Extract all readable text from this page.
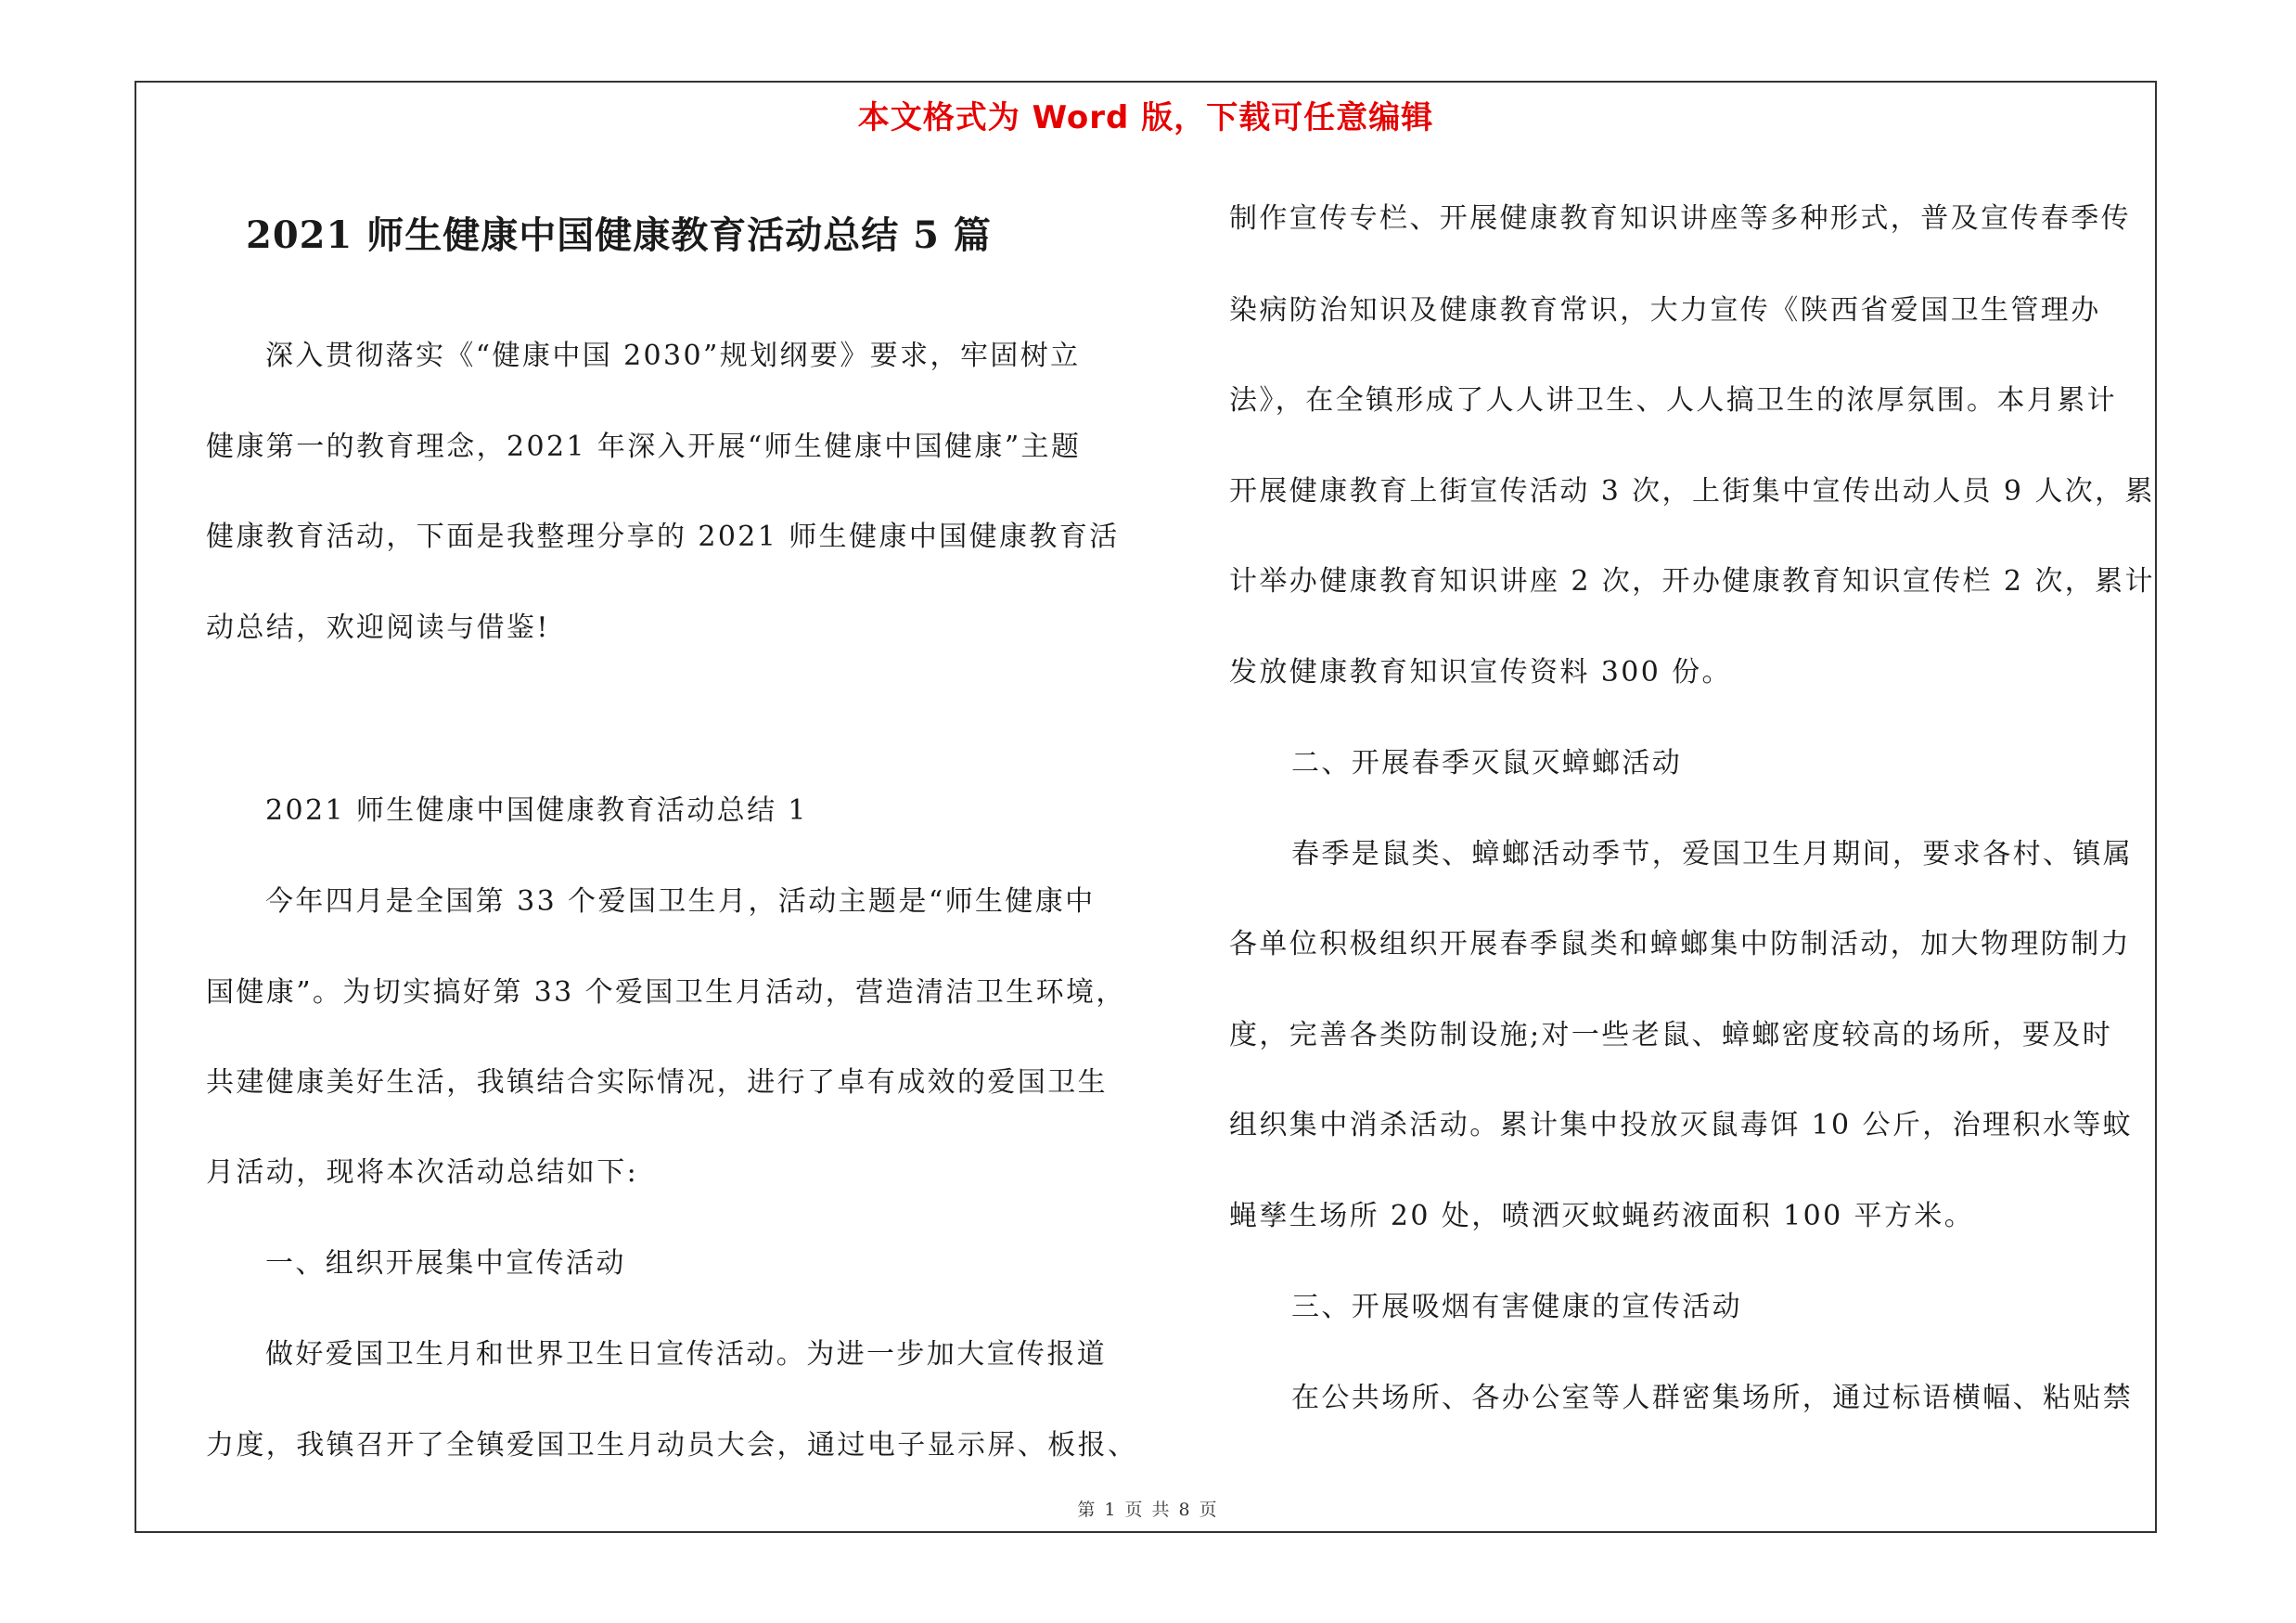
本文格式为 Word 版，下载可任意编辑
2021 师生健康中国健康教育活动总结 5 篇
深入贯彻落实《“健康中国 2030”规划纲要》要求，牢固树立
健康第一的教育理念，2021 年深入开展“师生健康中国健康”主题
健康教育活动，下面是我整理分享的 2021 师生健康中国健康教育活
动总结，欢迎阅读与借鉴!
2021 师生健康中国健康教育活动总结 1
今年四月是全国第 33 个爱国卫生月，活动主题是“师生健康中
国健康”。为切实搞好第 33 个爱国卫生月活动，营造清洁卫生环境，
共建健康美好生活，我镇结合实际情况，进行了卓有成效的爱国卫生
月活动，现将本次活动总结如下:
一、组织开展集中宣传活动
做好爱国卫生月和世界卫生日宣传活动。为进一步加大宣传报道
力度，我镇召开了全镇爱国卫生月动员大会，通过电子显示屏、板报、
制作宣传专栏、开展健康教育知识讲座等多种形式，普及宣传春季传
染病防治知识及健康教育常识，大力宣传《陕西省爱国卫生管理办
法》，在全镇形成了人人讲卫生、人人搞卫生的浓厚氛围。本月累计
开展健康教育上街宣传活动 3 次，上街集中宣传出动人员 9 人次，累
计举办健康教育知识讲座 2 次，开办健康教育知识宣传栏 2 次，累计
发放健康教育知识宣传资料 300 份。
二、开展春季灭鼠灭蟑螂活动
春季是鼠类、蟑螂活动季节，爱国卫生月期间，要求各村、镇属
各单位积极组织开展春季鼠类和蟑螂集中防制活动，加大物理防制力
度，完善各类防制设施;对一些老鼠、蟑螂密度较高的场所，要及时
组织集中消杀活动。累计集中投放灭鼠毒饵 10 公斤，治理积水等蚊
蝇孳生场所 20 处，喷洒灭蚊蝇药液面积 100 平方米。
三、开展吸烟有害健康的宣传活动
在公共场所、各办公室等人群密集场所，通过标语横幅、粘贴禁
第 1 页 共 8 页
